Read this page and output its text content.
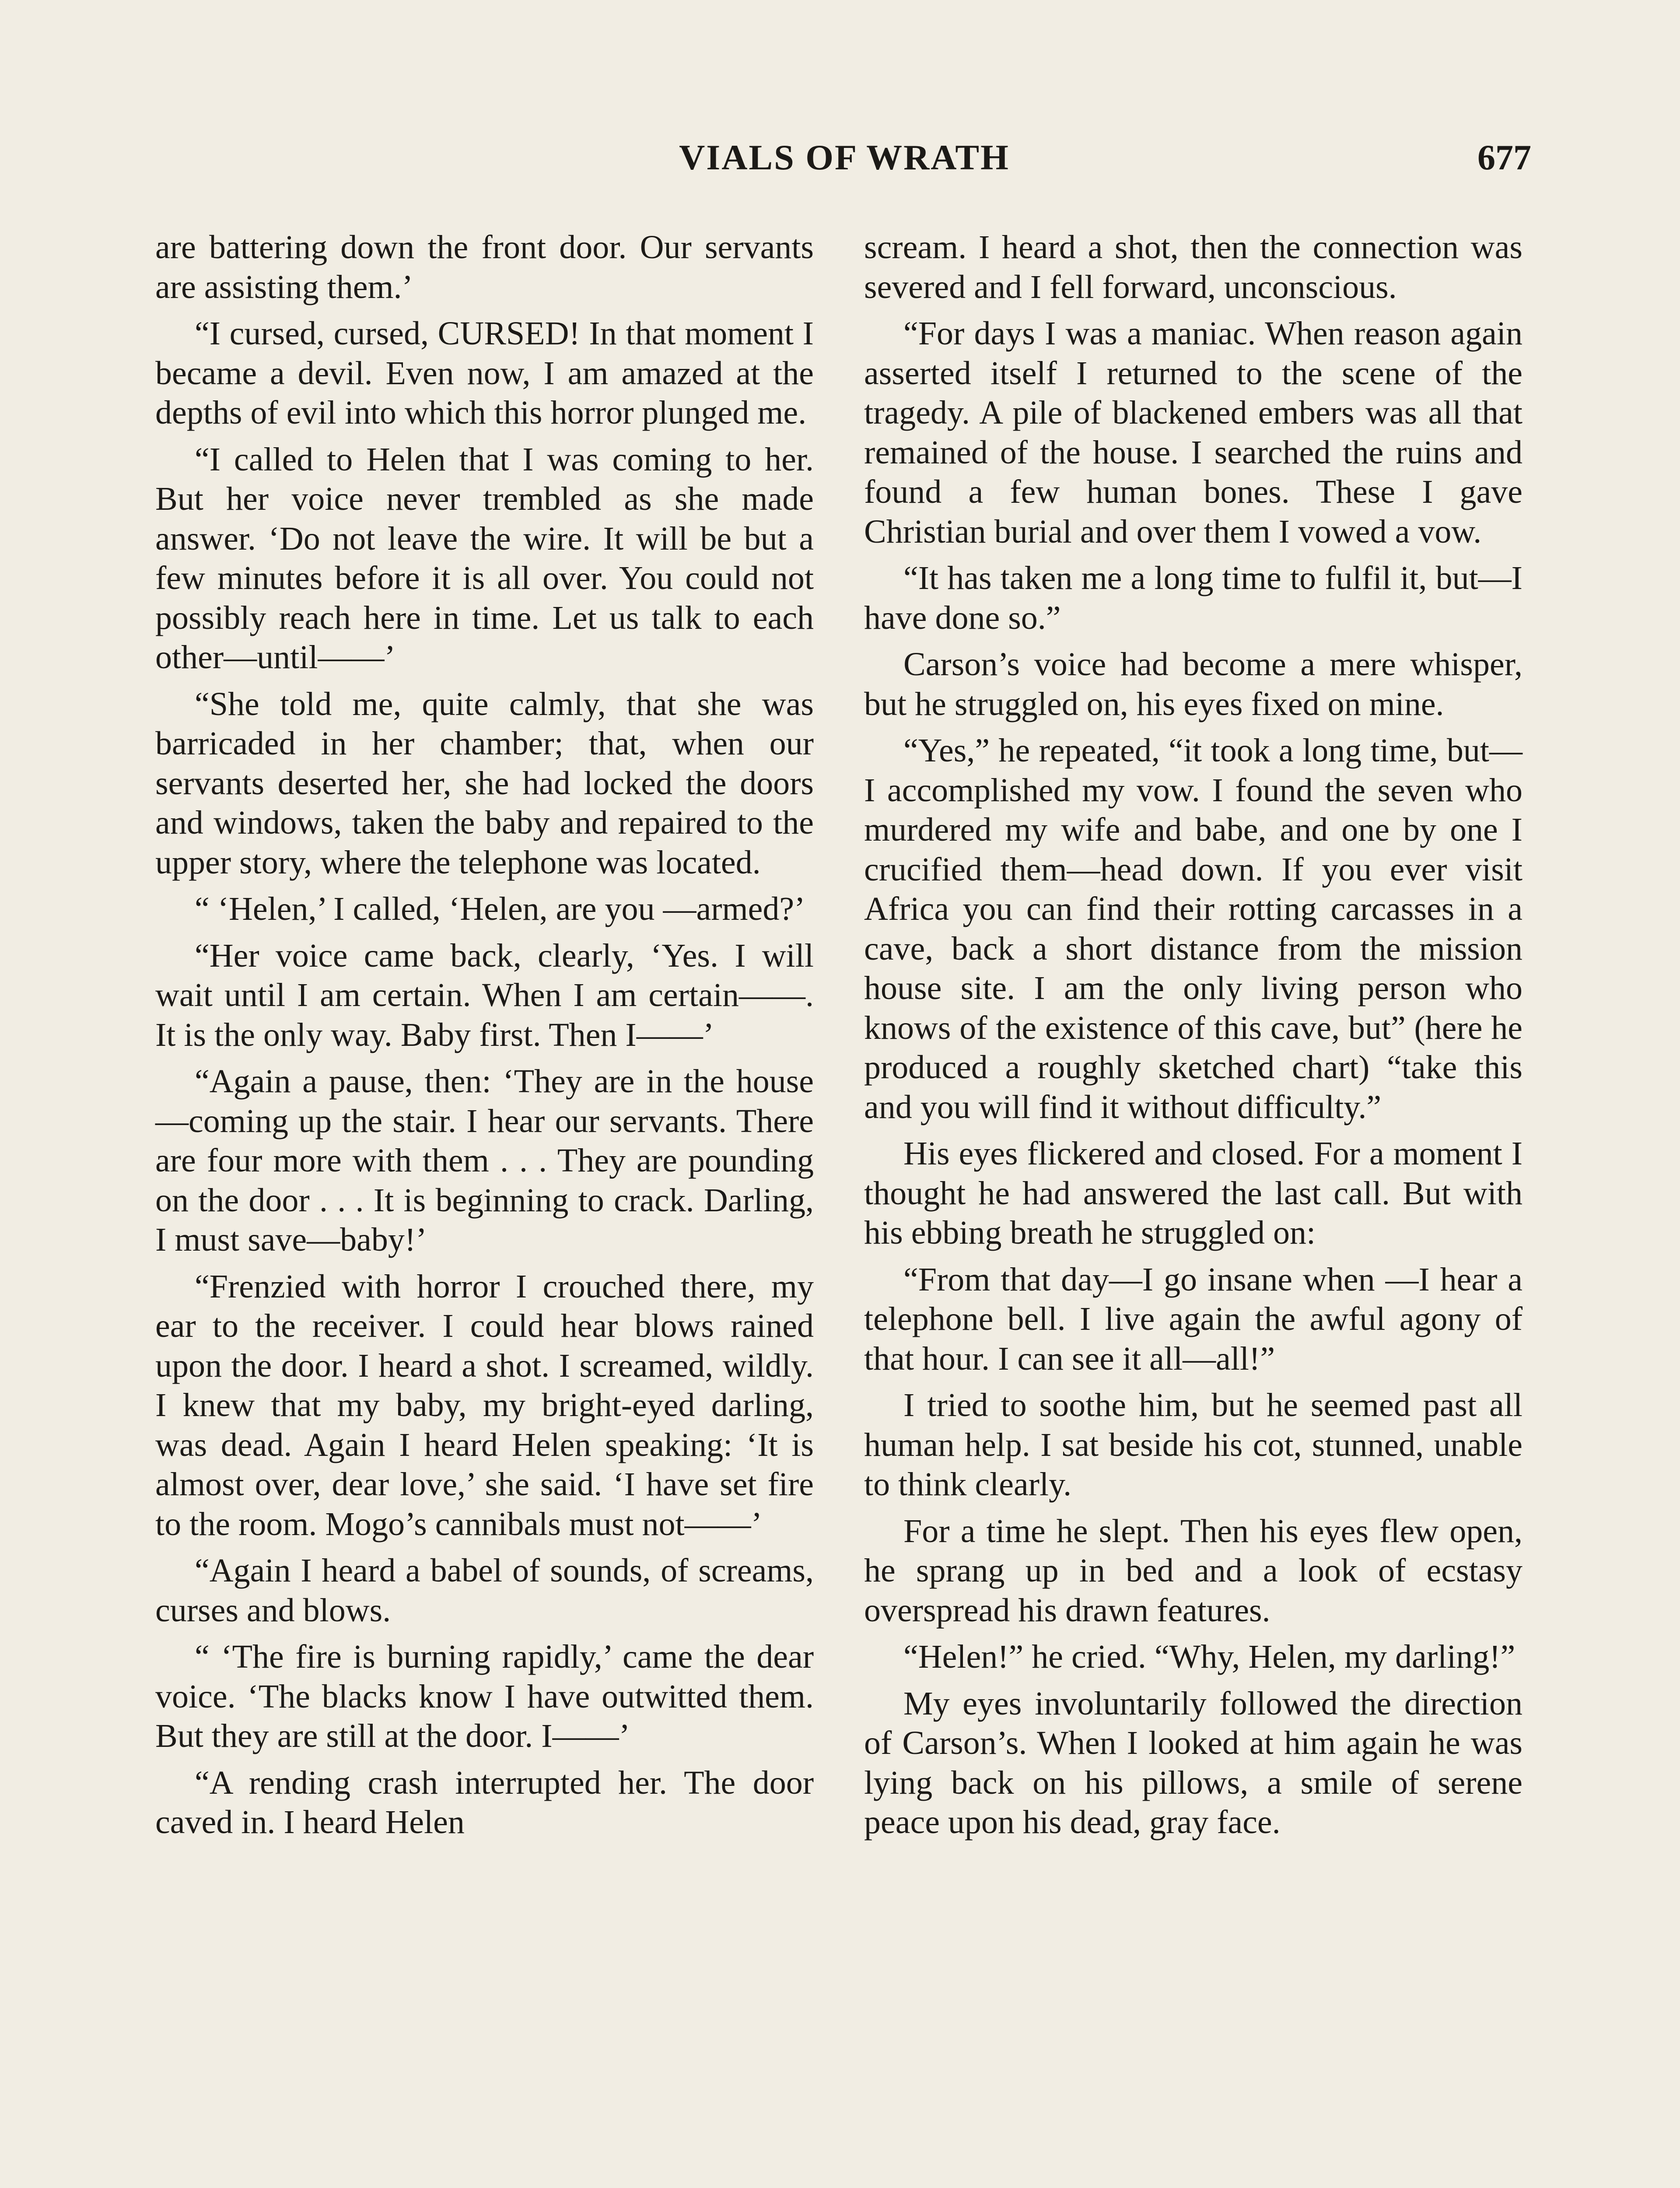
VIALS OF WRATH	677

are battering down the front door. Our servants are assisting them.’

“I cursed, cursed, CURSED! In that moment I became a devil. Even now, I am amazed at the depths of evil into which this horror plunged me.

“I called to Helen that I was coming to her. But her voice never trembled as she made answer. ‘Do not leave the wire. It will be but a few minutes before it is all over. You could not possibly reach here in time. Let us talk to each other—until——’

“She told me, quite calmly, that she was barricaded in her chamber; that, when our servants deserted her, she had locked the doors and windows, taken the baby and repaired to the upper story, where the telephone was located.

“ ‘Helen,’ I called, ‘Helen, are you —armed?’

“Her voice came back, clearly, ‘Yes. I will wait until I am certain. When I am certain——. It is the only way. Baby first. Then I——’

“Again a pause, then: ‘They are in the house—coming up the stair. I hear our servants. There are four more with them . . . They are pounding on the door . . . It is beginning to crack. Darling, I must save—baby!’

“Frenzied with horror I crouched there, my ear to the receiver. I could hear blows rained upon the door. I heard a shot. I screamed, wildly. I knew that my baby, my bright-eyed darling, was dead. Again I heard Helen speaking: ‘It is almost over, dear love,’ she said. ‘I have set fire to the room. Mogo’s cannibals must not——’

“Again I heard a babel of sounds, of screams, curses and blows.

“ ‘The fire is burning rapidly,’ came the dear voice. ‘The blacks know I have outwitted them. But they are still at the door. I——’

“A rending crash interrupted her. The door caved in. I heard Helen

scream. I heard a shot, then the connection was severed and I fell forward, unconscious.

“For days I was a maniac. When reason again asserted itself I returned to the scene of the tragedy. A pile of blackened embers was all that remained of the house. I searched the ruins and found a few human bones. These I gave Christian burial and over them I vowed a vow.

“It has taken me a long time to fulfil it, but—I have done so.”

Carson’s voice had become a mere whisper, but he struggled on, his eyes fixed on mine.

“Yes,” he repeated, “it took a long time, but—I accomplished my vow. I found the seven who murdered my wife and babe, and one by one I crucified them—head down. If you ever visit Africa you can find their rotting carcasses in a cave, back a short distance from the mission house site. I am the only living person who knows of the existence of this cave, but” (here he produced a roughly sketched chart) “take this and you will find it without difficulty.”

His eyes flickered and closed. For a moment I thought he had answered the last call. But with his ebbing breath he struggled on:

“From that day—I go insane when —I hear a telephone bell. I live again the awful agony of that hour. I can see it all—all!”

I tried to soothe him, but he seemed past all human help. I sat beside his cot, stunned, unable to think clearly.

For a time he slept. Then his eyes flew open, he sprang up in bed and a look of ecstasy overspread his drawn features.

“Helen!” he cried. “Why, Helen, my darling!”

My eyes involuntarily followed the direction of Carson’s. When I looked at him again he was lying back on his pillows, a smile of serene peace upon his dead, gray face.
